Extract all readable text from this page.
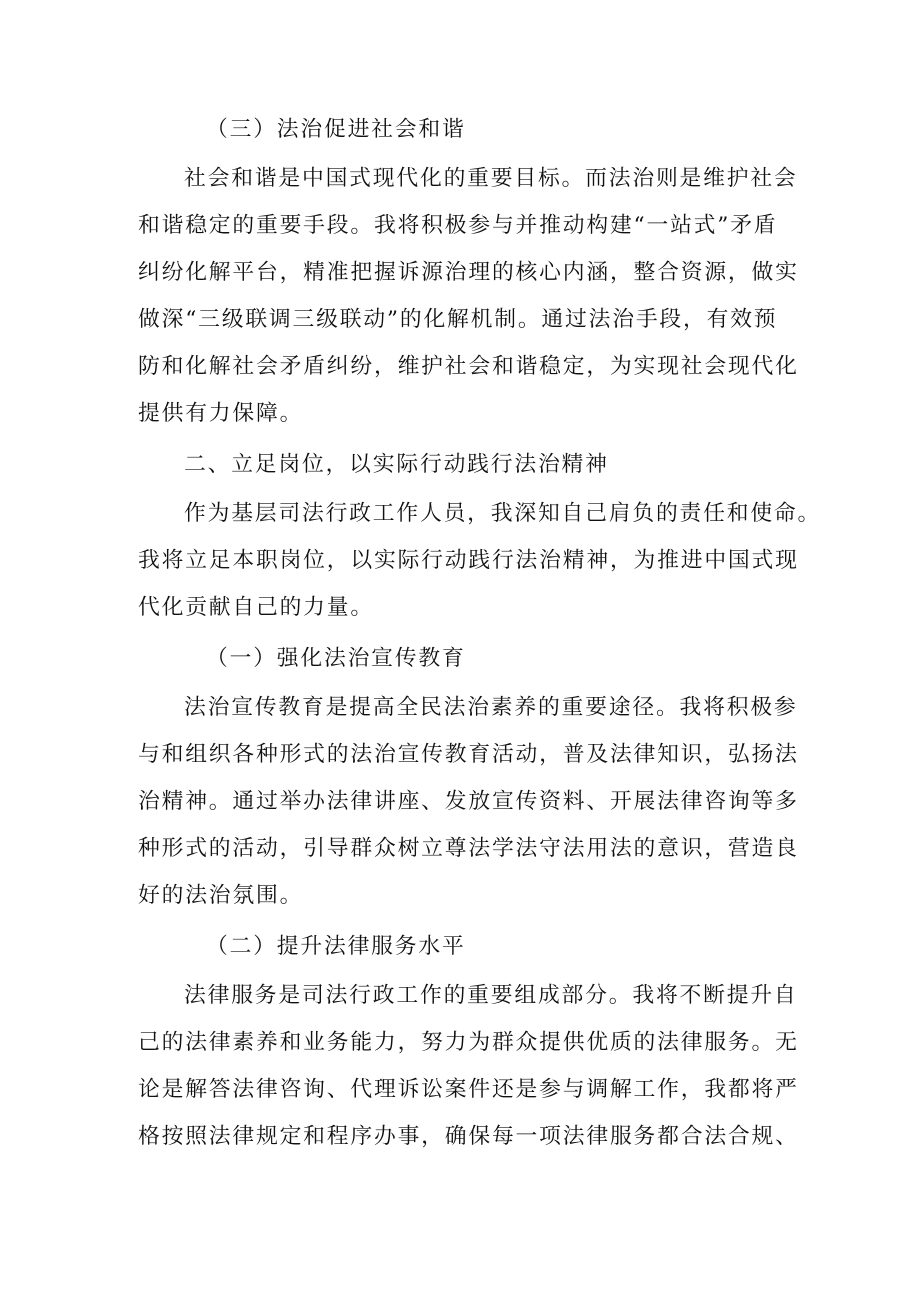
（三）法治促进社会和谐

社会和谐是中国式现代化的重要目标。而法治则是维护社会

和谐稳定的重要手段。我将积极参与并推动构建“一站式”矛盾

纠纷化解平台，精准把握诉源治理的核心内涵，整合资源，做实

做深“三级联调三级联动”的化解机制。通过法治手段，有效预

防和化解社会矛盾纠纷，维护社会和谐稳定，为实现社会现代化

提供有力保障。

二、立足岗位，以实际行动践行法治精神

作为基层司法行政工作人员，我深知自己肩负的责任和使命。

我将立足本职岗位，以实际行动践行法治精神，为推进中国式现

代化贡献自己的力量。

（一）强化法治宣传教育

法治宣传教育是提高全民法治素养的重要途径。我将积极参

与和组织各种形式的法治宣传教育活动，普及法律知识，弘扬法

治精神。通过举办法律讲座、发放宣传资料、开展法律咨询等多

种形式的活动，引导群众树立尊法学法守法用法的意识，营造良

好的法治氛围。

（二）提升法律服务水平

法律服务是司法行政工作的重要组成部分。我将不断提升自

己的法律素养和业务能力，努力为群众提供优质的法律服务。无

论是解答法律咨询、代理诉讼案件还是参与调解工作，我都将严

格按照法律规定和程序办事，确保每一项法律服务都合法合规、
